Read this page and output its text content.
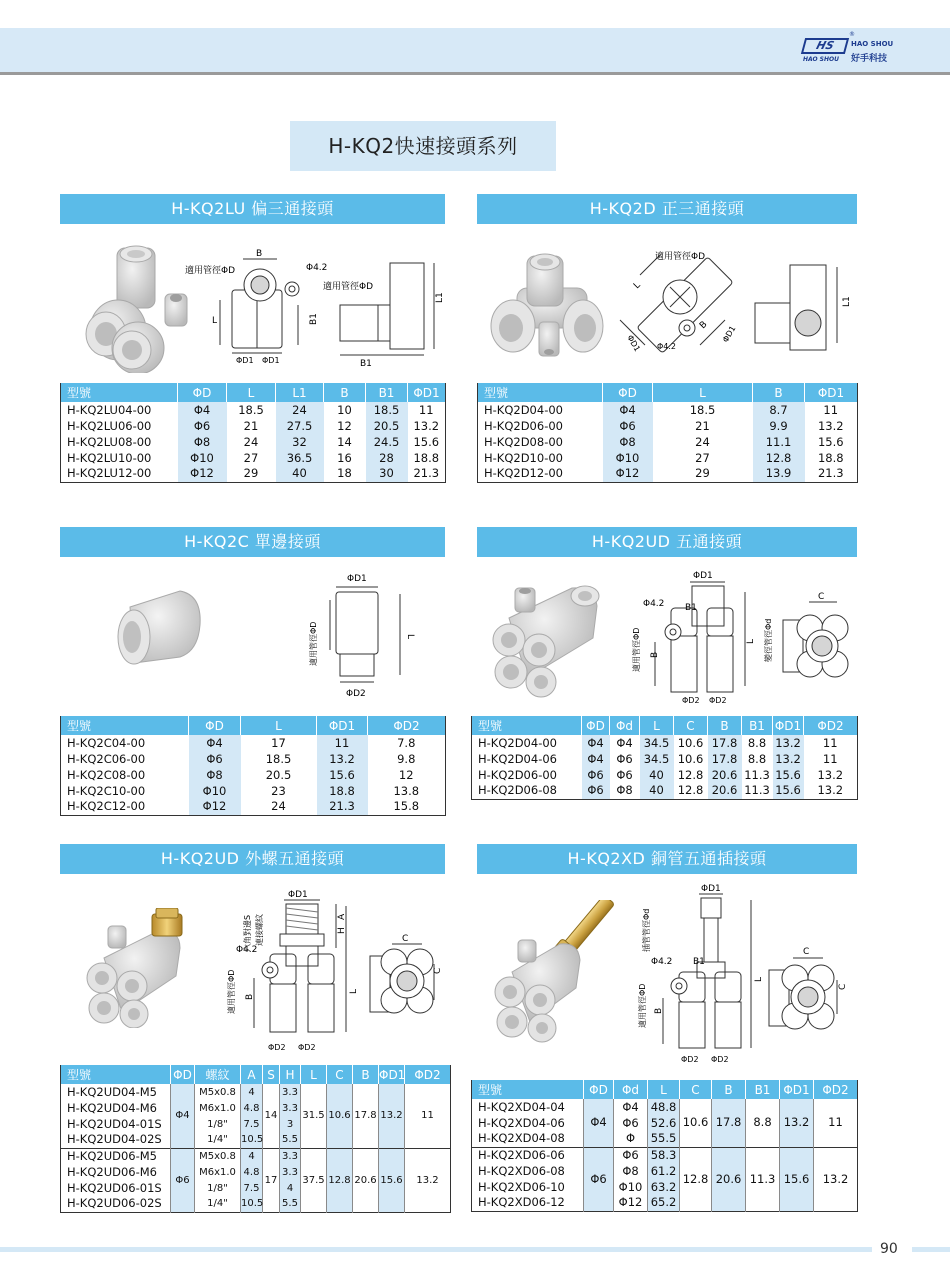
HS
HAO SHOU
®
HAO SHOU
好手科技
H-KQ2快速接頭系列
H-KQ2LU 偏三通接頭
適用管徑ΦD
B
Φ4.2
L	B1
ΦD1 ΦD1
適用管徑ΦD
B1
L1
型號	ΦD	L	L1	B	B1	ΦD1
H-KQ2LU04-00	Φ4	18.5	24	10	18.5	11
H-KQ2LU06-00	Φ6	21	27.5	12	20.5	13.2
H-KQ2LU08-00	Φ8	24	32	14	24.5	15.6
H-KQ2LU10-00	Φ10	27	36.5	16	28	18.8
H-KQ2LU12-00	Φ12	29	40	18	30	21.3
H-KQ2D 正三通接頭
適用管徑ΦD
L
B
ΦD1	ΦD1
Φ4.2
L1
型號	ΦD	L	B	ΦD1
H-KQ2D04-00	Φ4	18.5	8.7	11
H-KQ2D06-00	Φ6	21	9.9	13.2
H-KQ2D08-00	Φ8	24	11.1	15.6
H-KQ2D10-00	Φ10	27	12.8	18.8
H-KQ2D12-00	Φ12	29	13.9	21.3
H-KQ2C 單邊接頭
ΦD1
適用管徑ΦD	L
ΦD2
型號	ΦD	L	ΦD1	ΦD2
H-KQ2C04-00	Φ4	17	11	7.8
H-KQ2C06-00	Φ6	18.5	13.2	9.8
H-KQ2C08-00	Φ8	20.5	15.6	12
H-KQ2C10-00	Φ10	23	18.8	13.8
H-KQ2C12-00	Φ12	24	21.3	15.8
H-KQ2UD 五通接頭
ΦD1
Φ4.2 B1
適用管徑ΦD B
L 變徑管徑Φd
ΦD2 ΦD2
C
型號	ΦD	Φd	L	C	B	B1	ΦD1	ΦD2
H-KQ2D04-00	Φ4	Φ4	34.5	10.6	17.8	8.8	13.2	11
H-KQ2D04-06	Φ4	Φ6	34.5	10.6	17.8	8.8	13.2	11
H-KQ2D06-00	Φ6	Φ6	40	12.8	20.6	11.3	15.6	13.2
H-KQ2D06-08	Φ6	Φ8	40	12.8	20.6	11.3	15.6	13.2
H-KQ2UD 外螺五通接頭
ΦD1
六角對邊S 連接螺紋	H
A
Φ4.2
適用管徑ΦD B
L
ΦD2 ΦD2
C
C
型號	ΦD	螺紋	A	S	H	L	C	B	ΦD1	ΦD2
H-KQ2UD04-M5	Φ4	M5x0.8	4	14	3.3	31.5	10.6	17.8	13.2	11
H-KQ2UD04-M6		M6x1.0	4.8		3.3					
H-KQ2UD04-01S		1/8"	7.5		3					
H-KQ2UD04-02S		1/4"	10.5		5.5					
H-KQ2UD06-M5	Φ6	M5x0.8	4	17	3.3	37.5	12.8	20.6	15.6	13.2
H-KQ2UD06-M6		M6x1.0	4.8		3.3					
H-KQ2UD06-01S		1/8"	7.5		4					
H-KQ2UD06-02S		1/4"	10.5		5.5					
H-KQ2XD 銅管五通插接頭
ΦD1
插管管徑Φd
Φ4.2 B1
適用管徑ΦD B
L
ΦD2 ΦD2
C
C
型號	ΦD	Φd	L	C	B	B1	ΦD1	ΦD2
H-KQ2XD04-04	Φ4	Φ4	48.8	10.6	17.8	8.8	13.2	11
H-KQ2XD04-06		Φ6	52.6					
H-KQ2XD04-08		Φ	55.5					
H-KQ2XD06-06	Φ6	Φ6	58.3	12.8	20.6	11.3	15.6	13.2
H-KQ2XD06-08		Φ8	61.2					
H-KQ2XD06-10		Φ10	63.2					
H-KQ2XD06-12		Φ12	65.2					
90
